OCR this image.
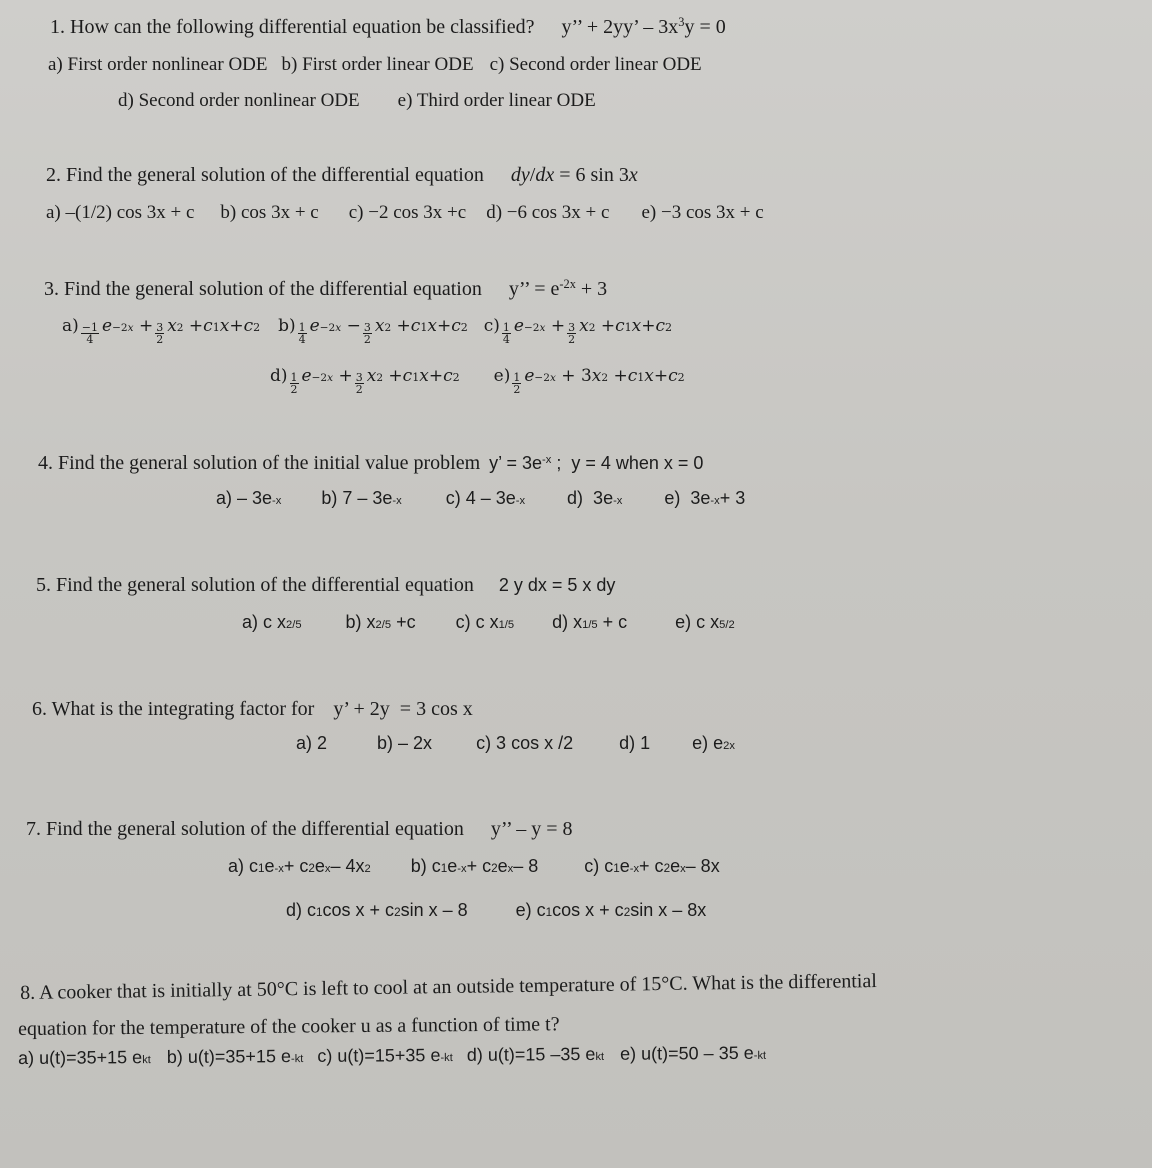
1. How can the following differential equation be classified? y’’ + 2yy’ – $3x^3y = 0$
a) First order nonlinear ODE b) First order linear ODE c) Second order linear ODE
d) Second order nonlinear ODE e) Third order linear ODE
2. Find the general solution of the differential equation dy/dx = 6 sin 3x
a) –(1/2) cos 3x + c b) cos 3x + c c) −2 cos 3x +c d) −6 cos 3x + c e) −3 cos 3x + c
3. Find the general solution of the differential equation y’’ = $e^{-2x} + 3$
$a) \frac{-1}{4}$ $e -2x + \frac{3}{2}$ x 2 + c 1 x + c 2 $b) \frac{1}{4}$ $e -2x - \frac{3}{2}$ x 2 + c 1 x + c 2 $c) \frac{1}{4}$ $e -2x + \frac{3}{2}$ x 2 + c 1 x + c 2
$d) \frac{1}{2}$ $e -2x + \frac{3}{2}$ x 2 + c 1 x + c 2 $e) \frac{1}{2}$ e −2x + 3 x 2 + c 1 x + c 2
4. Find the general solution of the initial value problem y’ = $3e^{-x}$ ;  y = 4 when x = 0
a) – 3e -x b) 7 – 3e -x c) 4 – 3e -x d)  3e -x e)  3e -x + 3
5. Find the general solution of the differential equation 2 y dx = 5 x dy
a) c x 2/5 b) x 2/5 +c c) c x 1/5 d) x 1/5 + c	e) c x 5/2
6. What is the integrating factor for y’ + 2y  = 3 cos x
a) 2	b) – 2x c) 3 cos x /2	d) 1 e) e 2x
7. Find the general solution of the differential equation y’’ – y = 8
a) c 1 e -x + c 2 e x – 4x 2 b) c 1 e -x + c 2 e x – 8	c) c 1 e -x + c 2 e x – 8x
d) c 1 cos x + c 2 sin x – 8	e) c 1 cos x + c 2 sin x – 8x
8. A cooker that is initially at 50°C is left to cool at an outside temperature of 15°C. What is the differential
equation for the temperature of the cooker u as a function of time t?
a) u(t)=35+15 e kt b) u(t)=35+15 e -kt c) u(t)=15+35 e -kt d) u(t)=15 –35 e kt e) u(t)=50 – 35 e -kt
